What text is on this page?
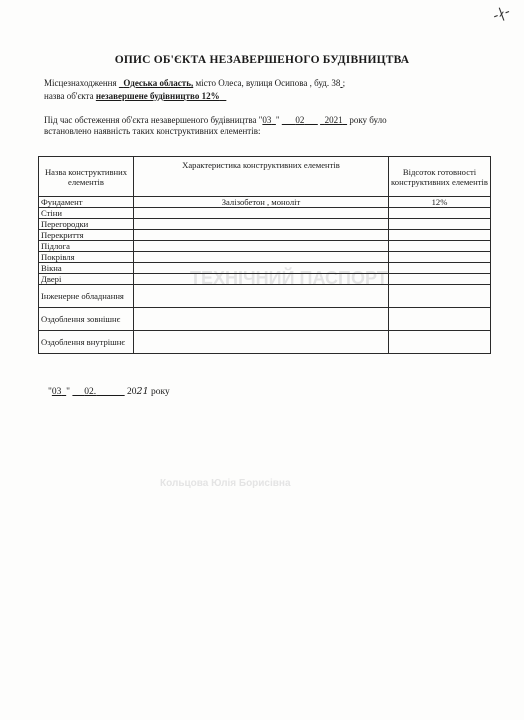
-∤-
ТЕХНІЧНИЙ ПАСПОРТ
Кольцова Юлія Борисівна
ОПИС ОБ'ЄКТА НЕЗАВЕРШЕНОГО БУДІВНИЦТВА
Місцезнаходження Одеська область, місто Олеса, вулиця Осипова , буд. 38 ;
назва об'єкта незавершене будівництво 12%
Під час обстеження об'єкта незавершеного будівництва "03 " 02 2021 року було
встановлено наявність таких конструктивних елементів:
Назва конструктивних елементів	Характеристика конструктивних елементів	Відсоток готовності конструктивних елементів
Фундамент	Залізобетон , моноліт	12%
Стіни		
Перегородки		
Перекриття		
Підлога		
Покрівля		
Вікна		
Двері		
Інженерне обладнання		
Оздоблення зовнішнє		
Оздоблення внутрішнє		
"03 " 02.	2021 року
